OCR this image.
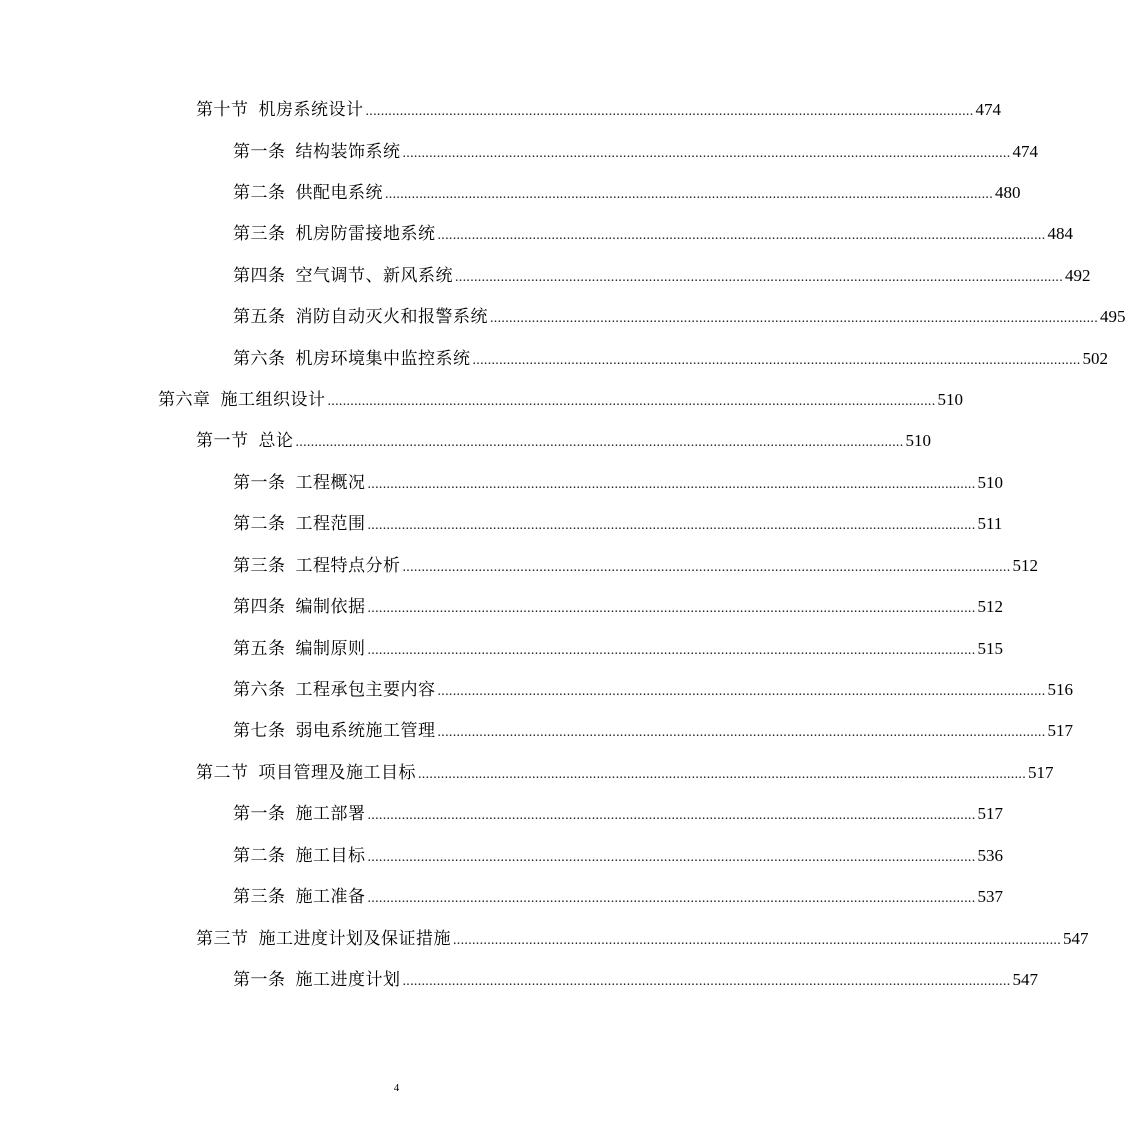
第十节 机房系统设计 ................................................................................................................................................................ 474
第一条 结构装饰系统 ................................................................................................................................................................ 474
第二条 供配电系统 ................................................................................................................................................................ 480
第三条 机房防雷接地系统 ................................................................................................................................................................ 484
第四条 空气调节、新风系统 ................................................................................................................................................................ 492
第五条 消防自动灭火和报警系统 ................................................................................................................................................................ 495
第六条 机房环境集中监控系统 ................................................................................................................................................................ 502
第六章 施工组织设计 ................................................................................................................................................................ 510
第一节 总论 ................................................................................................................................................................ 510
第一条 工程概况 ................................................................................................................................................................ 510
第二条 工程范围 ................................................................................................................................................................ 511
第三条 工程特点分析 ................................................................................................................................................................ 512
第四条 编制依据 ................................................................................................................................................................ 512
第五条 编制原则 ................................................................................................................................................................ 515
第六条 工程承包主要内容 ................................................................................................................................................................ 516
第七条 弱电系统施工管理 ................................................................................................................................................................ 517
第二节 项目管理及施工目标 ................................................................................................................................................................ 517
第一条 施工部署 ................................................................................................................................................................ 517
第二条 施工目标 ................................................................................................................................................................ 536
第三条 施工准备 ................................................................................................................................................................ 537
第三节 施工进度计划及保证措施 ................................................................................................................................................................ 547
第一条 施工进度计划 ................................................................................................................................................................ 547
4
